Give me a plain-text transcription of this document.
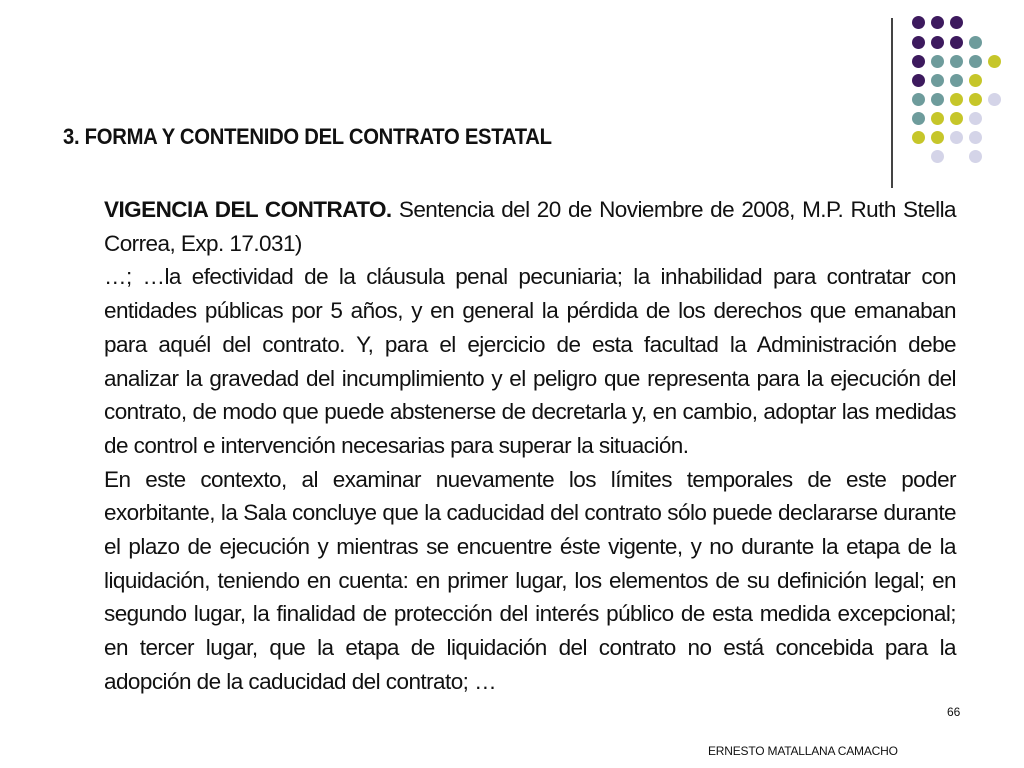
3. FORMA Y CONTENIDO DEL CONTRATO ESTATAL

VIGENCIA DEL CONTRATO. Sentencia del 20 de Noviembre de 2008, M.P. Ruth Stella Correa, Exp. 17.031)

…; …la efectividad de la cláusula penal pecuniaria; la inhabilidad para contratar con entidades públicas por 5 años, y en general la pérdida de los derechos que emanaban para aquél del contrato. Y, para el ejercicio de esta facultad la Administración debe analizar la gravedad del incumplimiento y el peligro que representa para la ejecución del contrato, de modo que puede abstenerse de decretarla y, en cambio, adoptar las medidas de control e intervención necesarias para superar la situación.

En este contexto, al examinar nuevamente los límites temporales de este poder exorbitante, la Sala concluye que la caducidad del contrato sólo puede declararse durante el plazo de ejecución y mientras se encuentre éste vigente, y no durante la etapa de la liquidación, teniendo en cuenta: en primer lugar, los elementos de su definición legal; en segundo lugar, la finalidad de protección del interés público de esta medida excepcional; en tercer lugar, que la etapa de liquidación del contrato no está concebida para la adopción de la caducidad del contrato; …

66
ERNESTO MATALLANA CAMACHO
